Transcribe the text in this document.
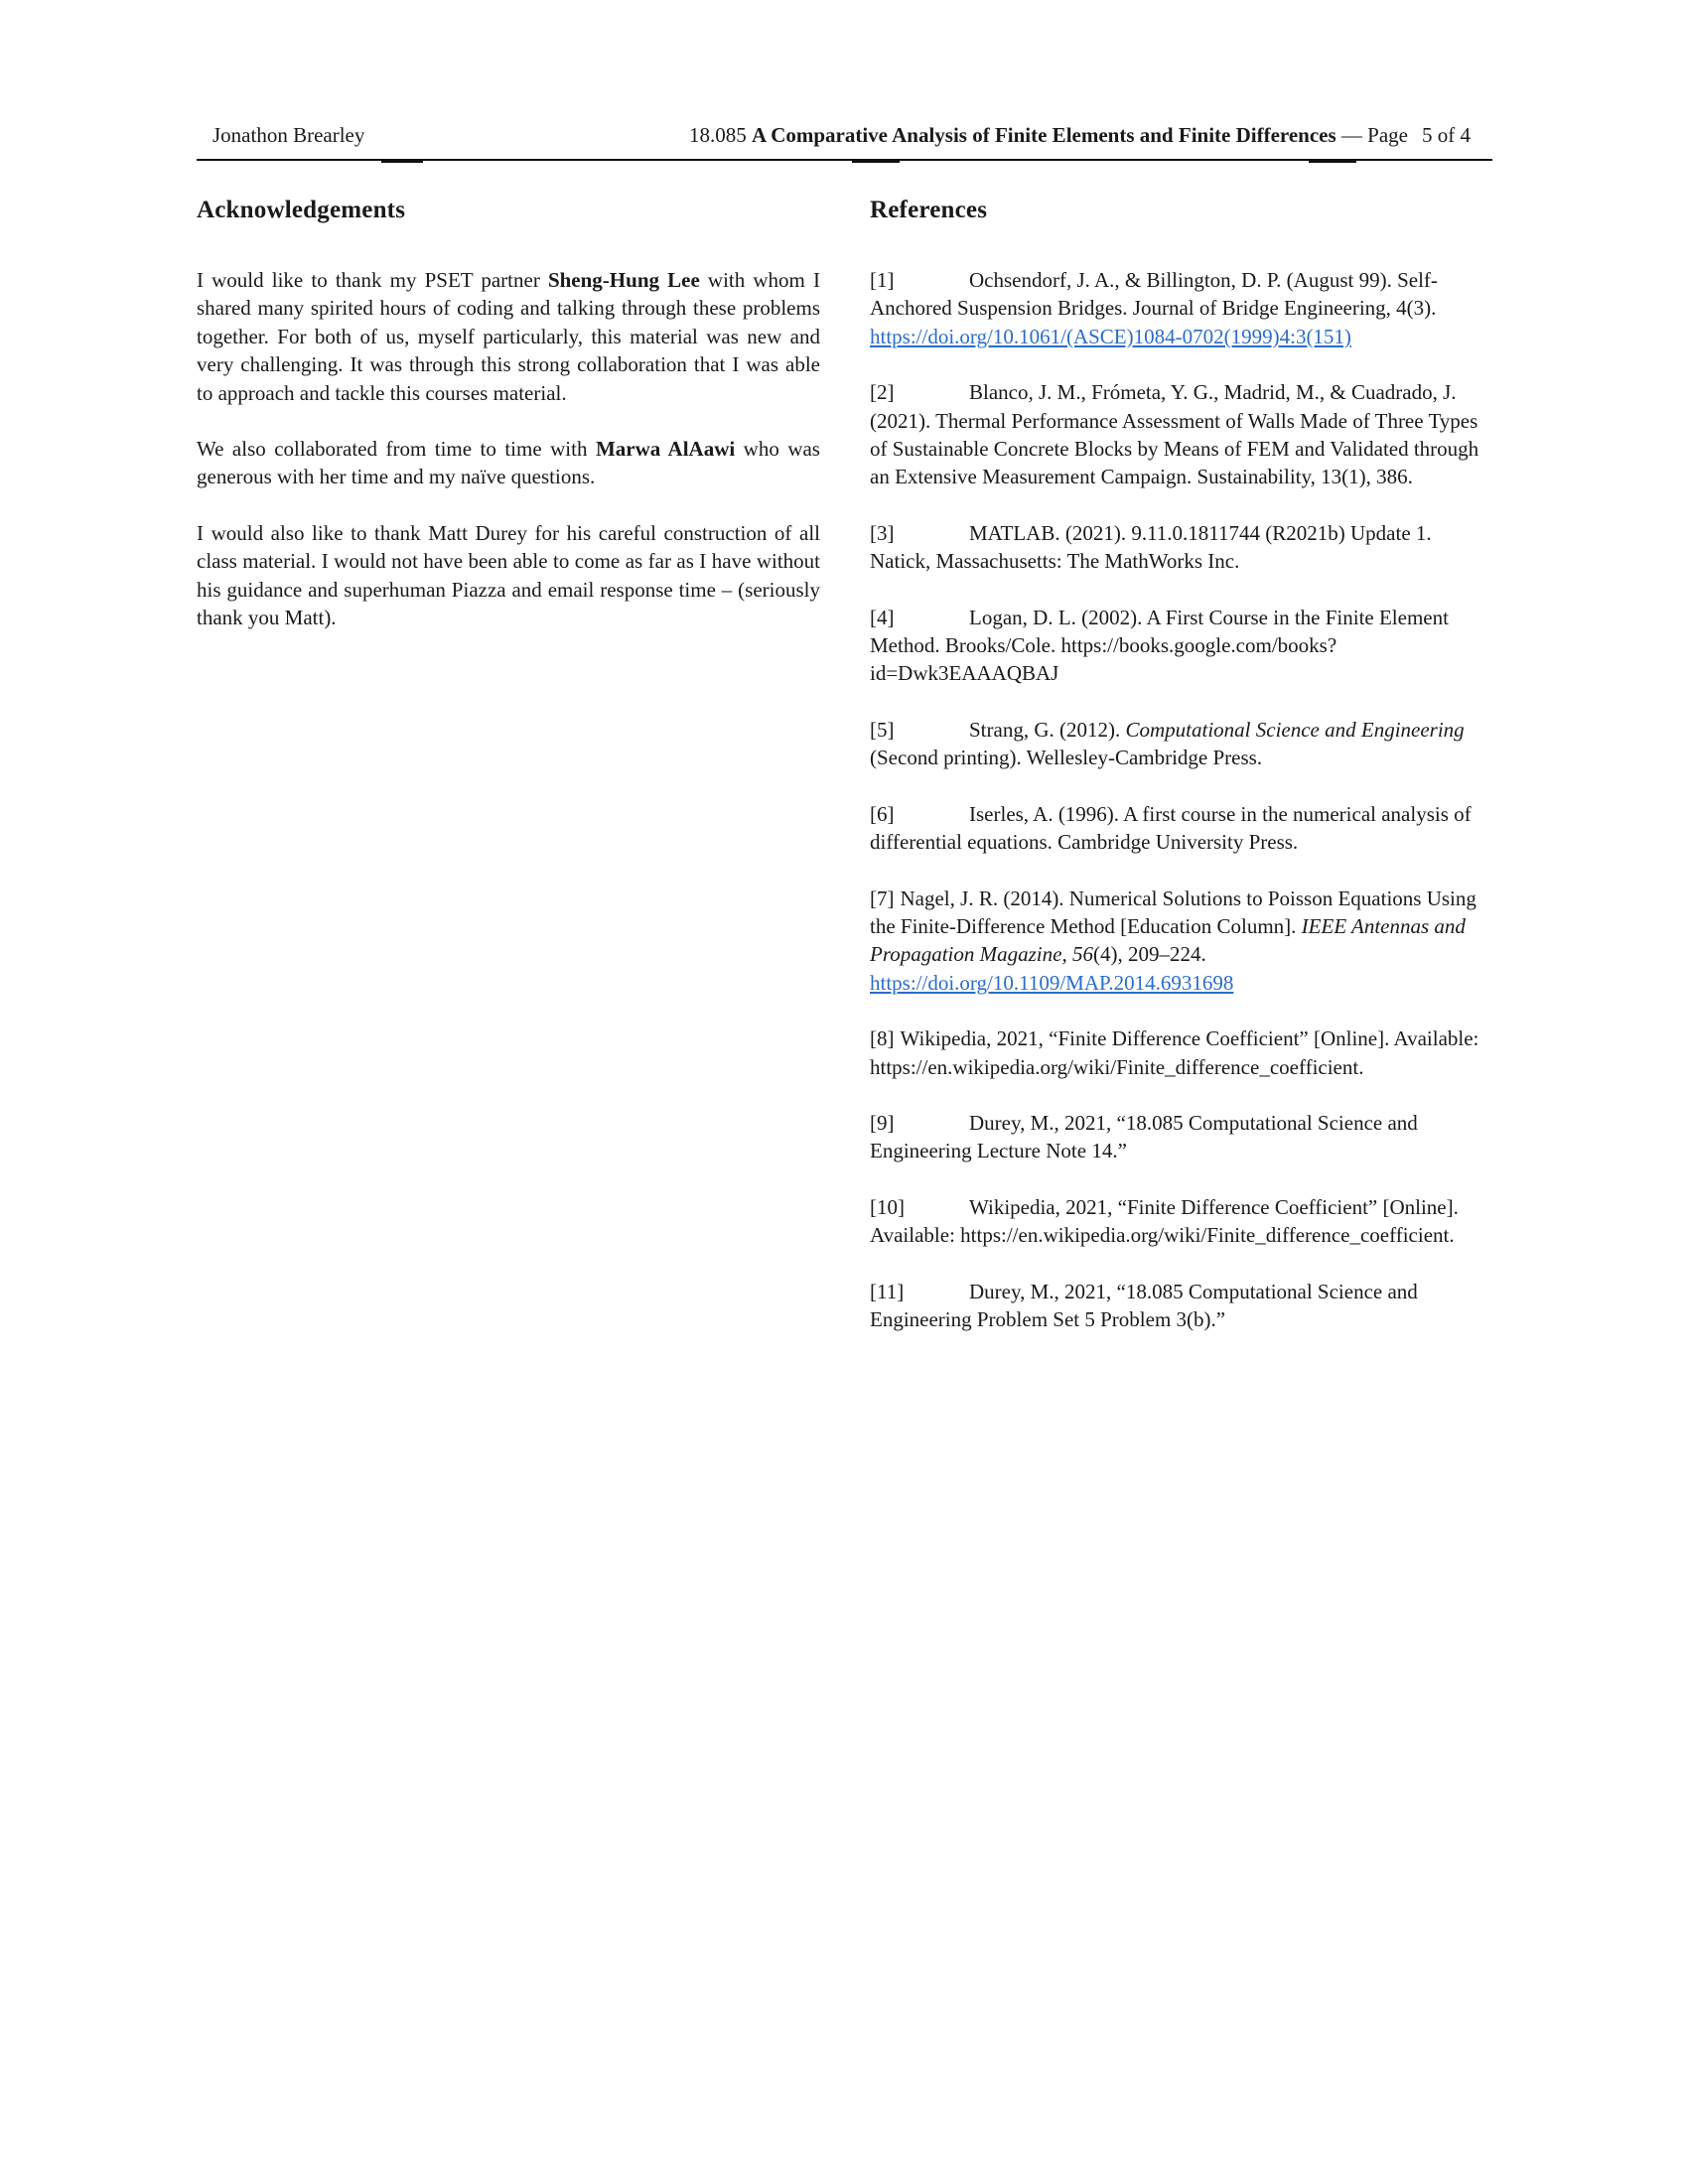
Jonathon Brearley	18.085 A Comparative Analysis of Finite Elements and Finite Differences — Page 5 of 4
Acknowledgements

I would like to thank my PSET partner Sheng-Hung Lee with whom I shared many spirited hours of coding and talking through these problems together. For both of us, myself particularly, this material was new and very challenging. It was through this strong collaboration that I was able to approach and tackle this courses material.

We also collaborated from time to time with Marwa AlAawi who was generous with her time and my naïve questions.

I would also like to thank Matt Durey for his careful construction of all class material. I would not have been able to come as far as I have without his guidance and superhuman Piazza and email response time – (seriously thank you Matt).

References

[1]	Ochsendorf, J. A., & Billington, D. P. (August 99). Self-Anchored Suspension Bridges. Journal of Bridge Engineering, 4(3). https://doi.org/10.1061/(ASCE)1084-0702(1999)4:3(151)

[2]	Blanco, J. M., Frómeta, Y. G., Madrid, M., & Cuadrado, J. (2021). Thermal Performance Assessment of Walls Made of Three Types of Sustainable Concrete Blocks by Means of FEM and Validated through an Extensive Measurement Campaign. Sustainability, 13(1), 386.

[3]	MATLAB. (2021). 9.11.0.1811744 (R2021b) Update 1. Natick, Massachusetts: The MathWorks Inc.

[4]	Logan, D. L. (2002). A First Course in the Finite Element Method. Brooks/Cole. https://books.google.com/books?id=Dwk3EAAAQBAJ

[5]	Strang, G. (2012). Computational Science and Engineering (Second printing). Wellesley-Cambridge Press.

[6]	Iserles, A. (1996). A first course in the numerical analysis of differential equations. Cambridge University Press.

[7] Nagel, J. R. (2014). Numerical Solutions to Poisson Equations Using the Finite-Difference Method [Education Column]. IEEE Antennas and Propagation Magazine, 56(4), 209–224. https://doi.org/10.1109/MAP.2014.6931698

[8] Wikipedia, 2021, “Finite Difference Coefficient” [Online]. Available: https://en.wikipedia.org/wiki/Finite_difference_coefficient.

[9]	Durey, M., 2021, “18.085 Computational Science and Engineering Lecture Note 14.”

[10]	Wikipedia, 2021, “Finite Difference Coefficient” [Online]. Available: https://en.wikipedia.org/wiki/Finite_difference_coefficient.

[11]	Durey, M., 2021, “18.085 Computational Science and Engineering Problem Set 5 Problem 3(b).”
